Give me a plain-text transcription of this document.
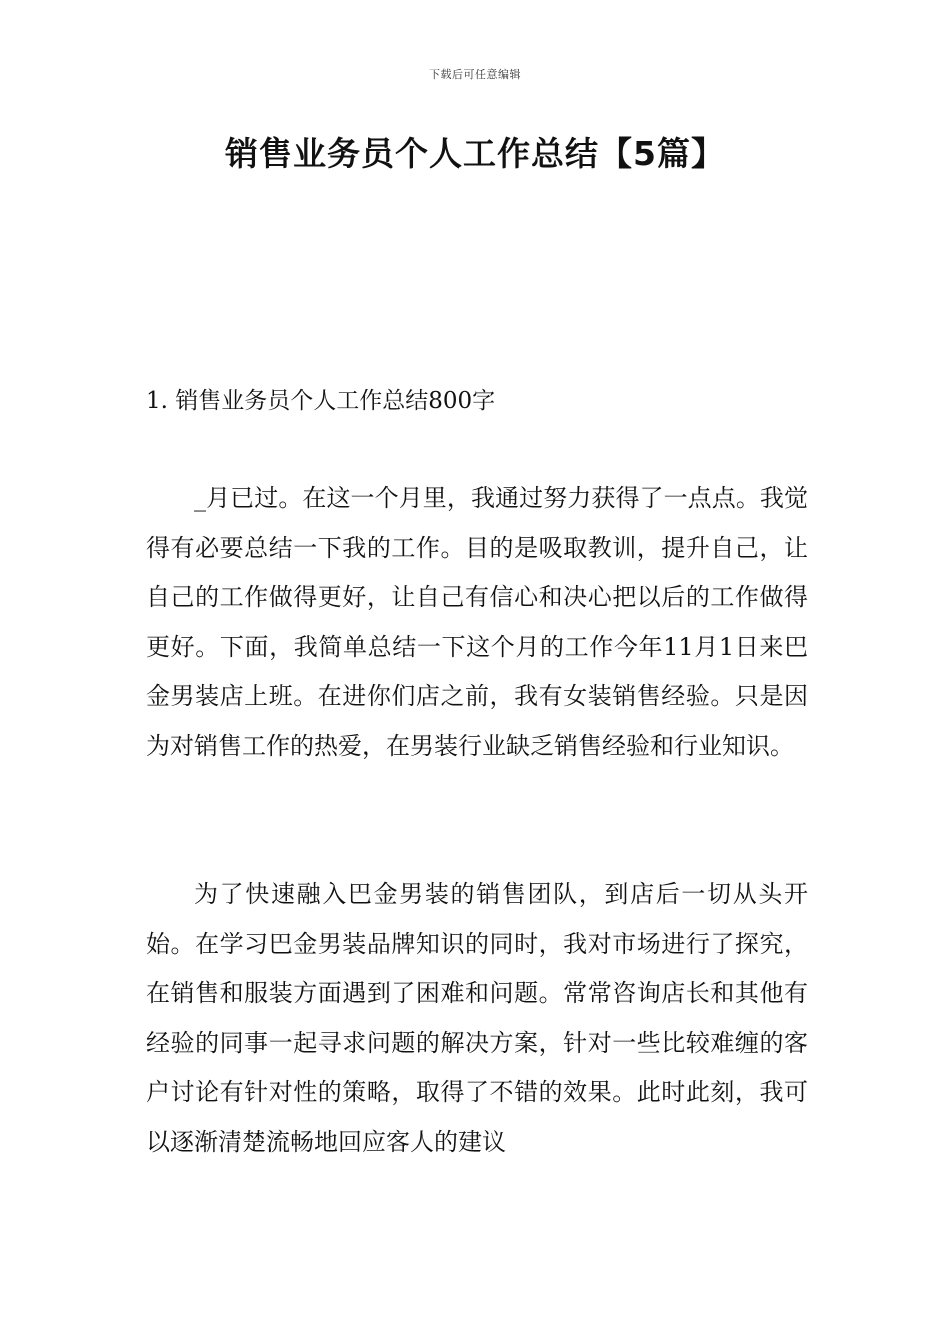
下载后可任意编辑
销售业务员个人工作总结【5篇】
1. 销售业务员个人工作总结800字

_月已过。在这一个月里，我通过努力获得了一点点。我觉得有必要总结一下我的工作。目的是吸取教训，提升自己，让自己的工作做得更好，让自己有信心和决心把以后的工作做得更好。下面，我简单总结一下这个月的工作今年11月1日来巴金男装店上班。在进你们店之前，我有女装销售经验。只是因为对销售工作的热爱，在男装行业缺乏销售经验和行业知识。

为了快速融入巴金男装的销售团队，到店后一切从头开始。在学习巴金男装品牌知识的同时，我对市场进行了探究，在销售和服装方面遇到了困难和问题。常常咨询店长和其他有经验的同事一起寻求问题的解决方案，针对一些比较难缠的客户讨论有针对性的策略，取得了不错的效果。此时此刻，我可以逐渐清楚流畅地回应客人的建议
